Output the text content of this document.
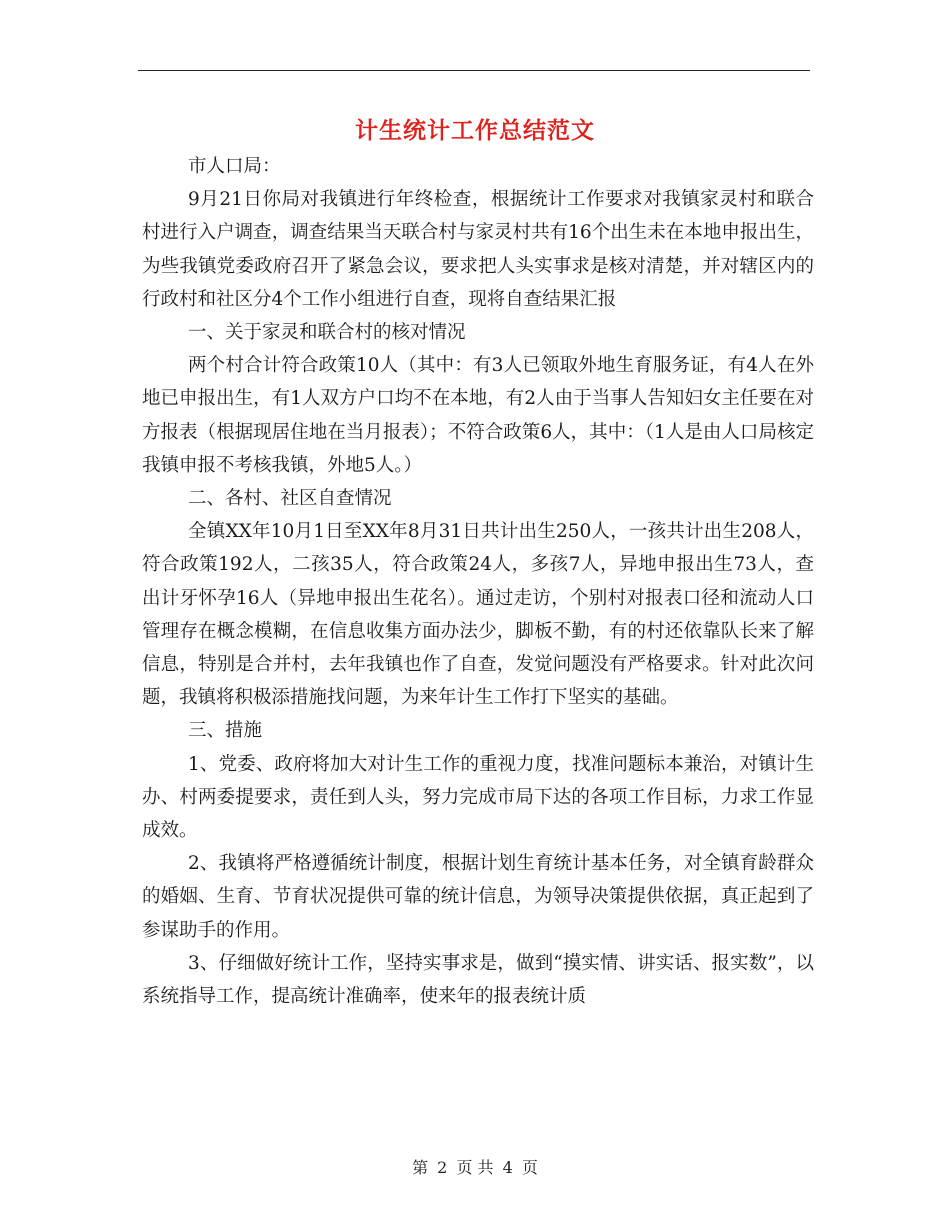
计生统计工作总结范文

市人口局：

9月21日你局对我镇进行年终检查，根据统计工作要求对我镇家灵村和联合村进行入户调查，调查结果当天联合村与家灵村共有16个出生未在本地申报出生，为些我镇党委政府召开了紧急会议，要求把人头实事求是核对清楚，并对辖区内的行政村和社区分4个工作小组进行自查，现将自查结果汇报

一、关于家灵和联合村的核对情况

两个村合计符合政策10人（其中：有3人已领取外地生育服务证，有4人在外地已申报出生，有1人双方户口均不在本地，有2人由于当事人告知妇女主任要在对方报表（根据现居住地在当月报表）；不符合政策6人，其中：（1人是由人口局核定我镇申报不考核我镇，外地5人。）

二、各村、社区自查情况

全镇XX年10月1日至XX年8月31日共计出生250人，一孩共计出生208人，符合政策192人，二孩35人，符合政策24人，多孩7人，异地申报出生73人，查出计牙怀孕16人（异地申报出生花名）。通过走访，个别村对报表口径和流动人口管理存在概念模糊，在信息收集方面办法少，脚板不勤，有的村还依靠队长来了解信息，特别是合并村，去年我镇也作了自查，发觉问题没有严格要求。针对此次问题，我镇将积极添措施找问题，为来年计生工作打下坚实的基础。

三、措施

1、党委、政府将加大对计生工作的重视力度，找准问题标本兼治，对镇计生办、村两委提要求，责任到人头，努力完成市局下达的各项工作目标，力求工作显成效。

2、我镇将严格遵循统计制度，根据计划生育统计基本任务，对全镇育龄群众的婚姻、生育、节育状况提供可靠的统计信息，为领导决策提供依据，真正起到了参谋助手的作用。

3、仔细做好统计工作，坚持实事求是，做到“摸实情、讲实话、报实数”，以系统指导工作，提高统计准确率，使来年的报表统计质

第 2 页 共 4 页
